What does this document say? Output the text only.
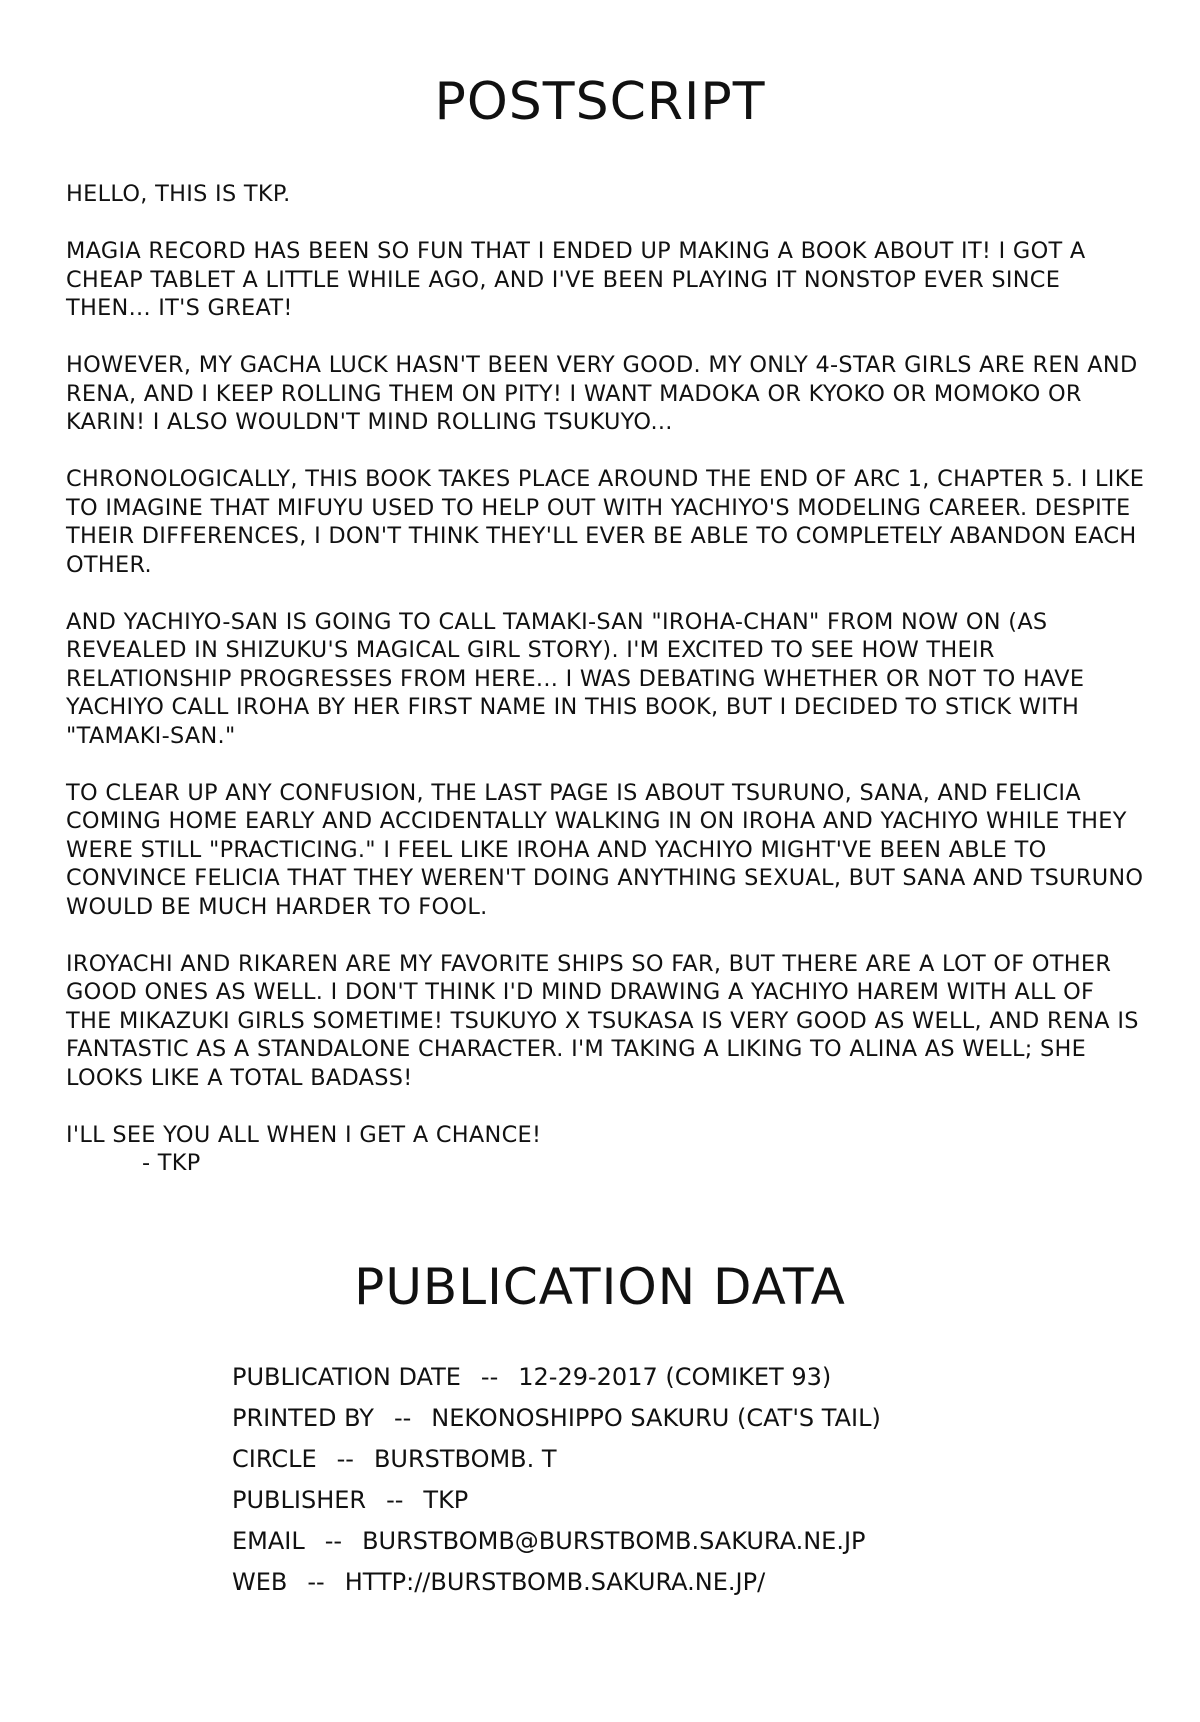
POSTSCRIPT

HELLO, THIS IS TKP.

MAGIA RECORD HAS BEEN SO FUN THAT I ENDED UP MAKING A BOOK ABOUT IT! I GOT A CHEAP TABLET A LITTLE WHILE AGO, AND I'VE BEEN PLAYING IT NONSTOP EVER SINCE THEN... IT'S GREAT!

HOWEVER, MY GACHA LUCK HASN'T BEEN VERY GOOD. MY ONLY 4-STAR GIRLS ARE REN AND RENA, AND I KEEP ROLLING THEM ON PITY! I WANT MADOKA OR KYOKO OR MOMOKO OR KARIN! I ALSO WOULDN'T MIND ROLLING TSUKUYO...

CHRONOLOGICALLY, THIS BOOK TAKES PLACE AROUND THE END OF ARC 1, CHAPTER 5. I LIKE TO IMAGINE THAT MIFUYU USED TO HELP OUT WITH YACHIYO'S MODELING CAREER. DESPITE THEIR DIFFERENCES, I DON'T THINK THEY'LL EVER BE ABLE TO COMPLETELY ABANDON EACH OTHER.

AND YACHIYO-SAN IS GOING TO CALL TAMAKI-SAN "IROHA-CHAN" FROM NOW ON (AS REVEALED IN SHIZUKU'S MAGICAL GIRL STORY). I'M EXCITED TO SEE HOW THEIR RELATIONSHIP PROGRESSES FROM HERE... I WAS DEBATING WHETHER OR NOT TO HAVE YACHIYO CALL IROHA BY HER FIRST NAME IN THIS BOOK, BUT I DECIDED TO STICK WITH "TAMAKI-SAN."

TO CLEAR UP ANY CONFUSION, THE LAST PAGE IS ABOUT TSURUNO, SANA, AND FELICIA COMING HOME EARLY AND ACCIDENTALLY WALKING IN ON IROHA AND YACHIYO WHILE THEY WERE STILL "PRACTICING." I FEEL LIKE IROHA AND YACHIYO MIGHT'VE BEEN ABLE TO CONVINCE FELICIA THAT THEY WEREN'T DOING ANYTHING SEXUAL, BUT SANA AND TSURUNO WOULD BE MUCH HARDER TO FOOL.

IROYACHI AND RIKAREN ARE MY FAVORITE SHIPS SO FAR, BUT THERE ARE A LOT OF OTHER GOOD ONES AS WELL. I DON'T THINK I'D MIND DRAWING A YACHIYO HAREM WITH ALL OF THE MIKAZUKI GIRLS SOMETIME! TSUKUYO X TSUKASA IS VERY GOOD AS WELL, AND RENA IS FANTASTIC AS A STANDALONE CHARACTER. I'M TAKING A LIKING TO ALINA AS WELL; SHE LOOKS LIKE A TOTAL BADASS!

I'LL SEE YOU ALL WHEN I GET A CHANCE!

- TKP

PUBLICATION DATA
PUBLICATION DATE -- 12-29-2017 (COMIKET 93)
PRINTED BY -- NEKONOSHIPPO SAKURU (CAT'S TAIL)
CIRCLE -- BURSTBOMB. T
PUBLISHER -- TKP
EMAIL -- BURSTBOMB@BURSTBOMB.SAKURA.NE.JP
WEB -- HTTP://BURSTBOMB.SAKURA.NE.JP/
